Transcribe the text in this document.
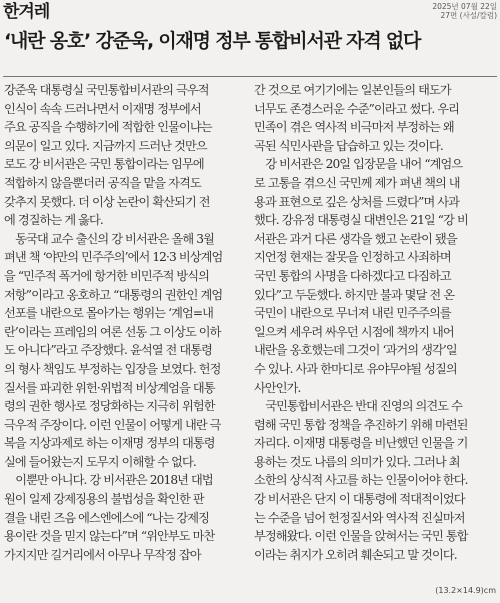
한겨레	2025년 07월 22일
27면 (사설/칼럼)
‘내란 옹호’ 강준욱, 이재명 정부 통합비서관 자격 없다
강준욱 대통령실 국민통합비서관의 극우적
인식이 속속 드러나면서 이재명 정부에서
주요 공직을 수행하기에 적합한 인물이냐는
의문이 일고 있다. 지금까지 드러난 것만으
로도 강 비서관은 국민 통합이라는 임무에
적합하지 않을뿐더러 공직을 맡을 자격도
갖추지 못했다. 더 이상 논란이 확산되기 전
에 경질하는 게 옳다.
　동국대 교수 출신의 강 비서관은 올해 3월
펴낸 책 ‘야만의 민주주의’에서 12·3 비상계엄
을 “민주적 폭거에 항거한 비민주적 방식의
저항”이라고 옹호하고 “대통령의 권한인 계엄
선포를 내란으로 몰아가는 행위는 ‘계엄=내
란’이라는 프레임의 여론 선동 그 이상도 이하
도 아니다”라고 주장했다. 윤석열 전 대통령
의 형사 책임도 부정하는 입장을 보였다. 헌정
질서를 파괴한 위헌·위법적 비상계엄을 대통
령의 권한 행사로 정당화하는 지극히 위험한
극우적 주장이다. 이런 인물이 어떻게 내란 극
복을 지상과제로 하는 이재명 정부의 대통령
실에 들어왔는지 도무지 이해할 수 없다.
　이뿐만 아니다. 강 비서관은 2018년 대법
원이 일제 강제징용의 불법성을 확인한 판
결을 내린 즈음 에스엔에스에 “나는 강제징
용이란 것을 믿지 않는다”며 “위안부도 마찬
가지지만 길거리에서 아무나 무작정 잡아
간 것으로 여기기에는 일본인들의 태도가
너무도 존경스러운 수준”이라고 썼다. 우리
민족이 겪은 역사적 비극마저 부정하는 왜
곡된 식민사관을 답습하고 있는 것이다.
　강 비서관은 20일 입장문을 내어 “계엄으
로 고통을 겪으신 국민께 제가 펴낸 책의 내
용과 표현으로 깊은 상처를 드렸다”며 사과
했다. 강유정 대통령실 대변인은 21일 “강 비
서관은 과거 다른 생각을 했고 논란이 됐을
지언정 현재는 잘못을 인정하고 사죄하며
국민 통합의 사명을 다하겠다고 다짐하고
있다”고 두둔했다. 하지만 불과 몇달 전 온
국민이 내란으로 무너져 내린 민주주의를
일으켜 세우려 싸우던 시점에 책까지 내어
내란을 옹호했는데 그것이 ‘과거의 생각’일
수 있나. 사과 한마디로 유야무야될 성질의
사안인가.
　국민통합비서관은 반대 진영의 의견도 수
렴해 국민 통합 정책을 추진하기 위해 마련된
자리다. 이재명 대통령을 비난했던 인물을 기
용하는 것도 나름의 의미가 있다. 그러나 최
소한의 상식적 사고를 하는 인물이어야 한다.
강 비서관은 단지 이 대통령에 적대적이었다
는 수준을 넘어 헌정질서와 역사적 진실마저
부정해왔다. 이런 인물을 앉혀서는 국민 통합
이라는 취지가 오히려 훼손되고 말 것이다.
(13.2×14.9)cm
